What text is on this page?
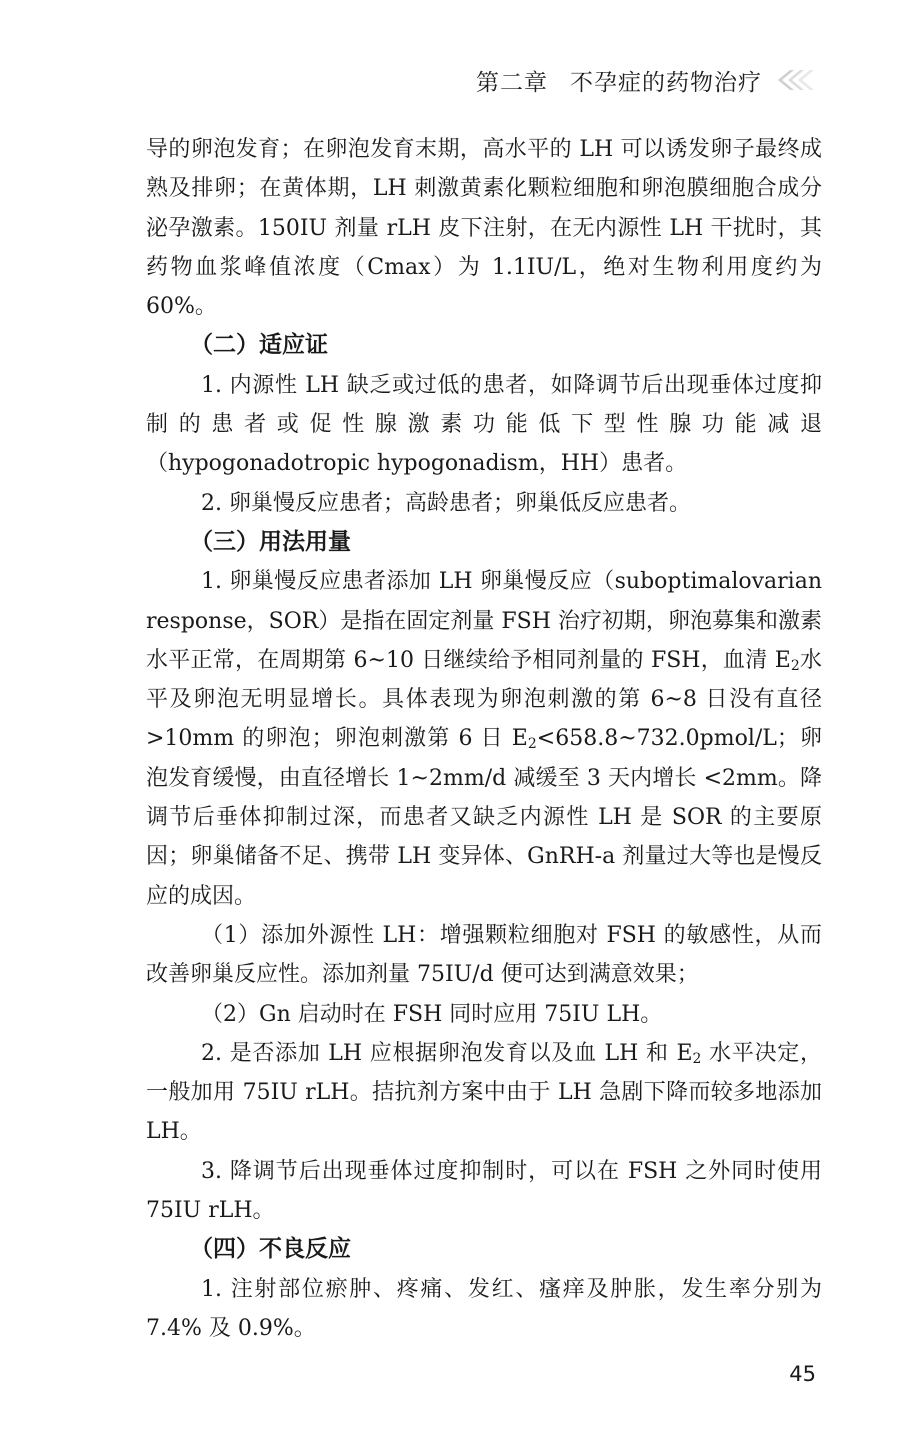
第二章 不孕症的药物治疗

导的卵泡发育；在卵泡发育末期，高水平的 LH 可以诱发卵子最终成熟及排卵；在黄体期，LH 刺激黄素化颗粒细胞和卵泡膜细胞合成分泌孕激素。150IU 剂量 rLH 皮下注射，在无内源性 LH 干扰时，其药物血浆峰值浓度（Cmax）为 1.1IU/L，绝对生物利用度约为 60%。

（二）适应证

1. 内源性 LH 缺乏或过低的患者，如降调节后出现垂体过度抑制的患者或促性腺激素功能低下型性腺功能减退（hypogonadotropic hypogonadism，HH）患者。

2. 卵巢慢反应患者；高龄患者；卵巢低反应患者。

（三）用法用量

1. 卵巢慢反应患者添加 LH 卵巢慢反应（suboptimalovarian response，SOR）是指在固定剂量 FSH 治疗初期，卵泡募集和激素水平正常，在周期第 6~10 日继续给予相同剂量的 FSH，血清 $E_2$水平及卵泡无明显增长。具体表现为卵泡刺激的第 6~8 日没有直径 >10mm 的卵泡；卵泡刺激第 6 日 $E_2<658.8\sim 732.0pmol/L$；卵泡发育缓慢，由直径增长 1~2mm/d 减缓至 3 天内增长 <2mm。降调节后垂体抑制过深，而患者又缺乏内源性 LH 是 SOR 的主要原因；卵巢储备不足、携带 LH 变异体、GnRH-a 剂量过大等也是慢反应的成因。

（1）添加外源性 LH：增强颗粒细胞对 FSH 的敏感性，从而改善卵巢反应性。添加剂量 75IU/d 便可达到满意效果；

（2）Gn 启动时在 FSH 同时应用 75IU LH。

2. 是否添加 LH 应根据卵泡发育以及血 LH 和 $E_2$ 水平决定，一般加用 75IU rLH。拮抗剂方案中由于 LH 急剧下降而较多地添加 LH。

3. 降调节后出现垂体过度抑制时，可以在 FSH 之外同时使用 75IU rLH。

（四）不良反应

1. 注射部位瘀肿、疼痛、发红、瘙痒及肿胀，发生率分别为 7.4% 及 0.9%。

45
